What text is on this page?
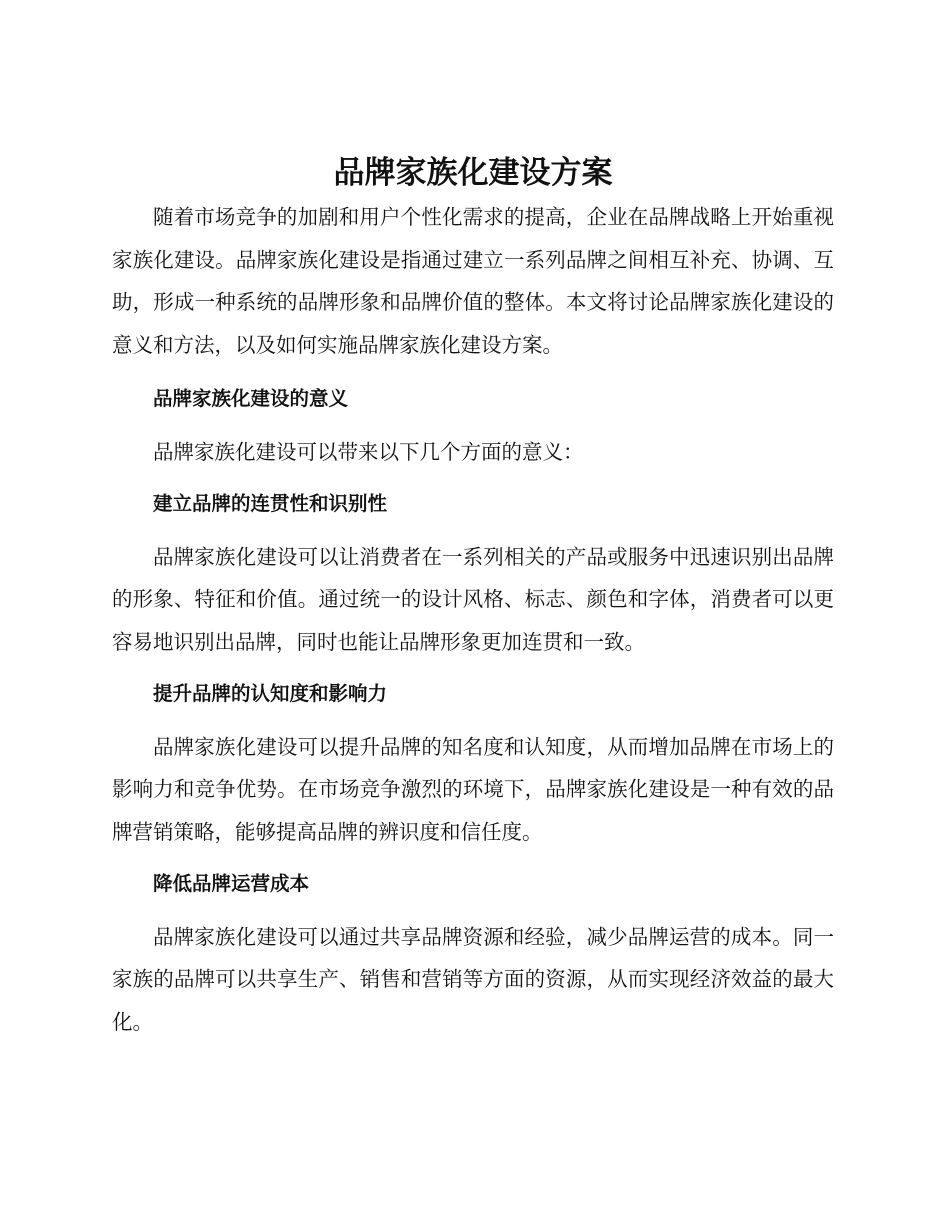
品牌家族化建设方案

随着市场竞争的加剧和用户个性化需求的提高，企业在品牌战略上开始重视家族化建设。品牌家族化建设是指通过建立一系列品牌之间相互补充、协调、互助，形成一种系统的品牌形象和品牌价值的整体。本文将讨论品牌家族化建设的意义和方法，以及如何实施品牌家族化建设方案。

品牌家族化建设的意义

品牌家族化建设可以带来以下几个方面的意义：

建立品牌的连贯性和识别性

品牌家族化建设可以让消费者在一系列相关的产品或服务中迅速识别出品牌的形象、特征和价值。通过统一的设计风格、标志、颜色和字体，消费者可以更容易地识别出品牌，同时也能让品牌形象更加连贯和一致。

提升品牌的认知度和影响力

品牌家族化建设可以提升品牌的知名度和认知度，从而增加品牌在市场上的影响力和竞争优势。在市场竞争激烈的环境下，品牌家族化建设是一种有效的品牌营销策略，能够提高品牌的辨识度和信任度。

降低品牌运营成本

品牌家族化建设可以通过共享品牌资源和经验，减少品牌运营的成本。同一家族的品牌可以共享生产、销售和营销等方面的资源，从而实现经济效益的最大化。
